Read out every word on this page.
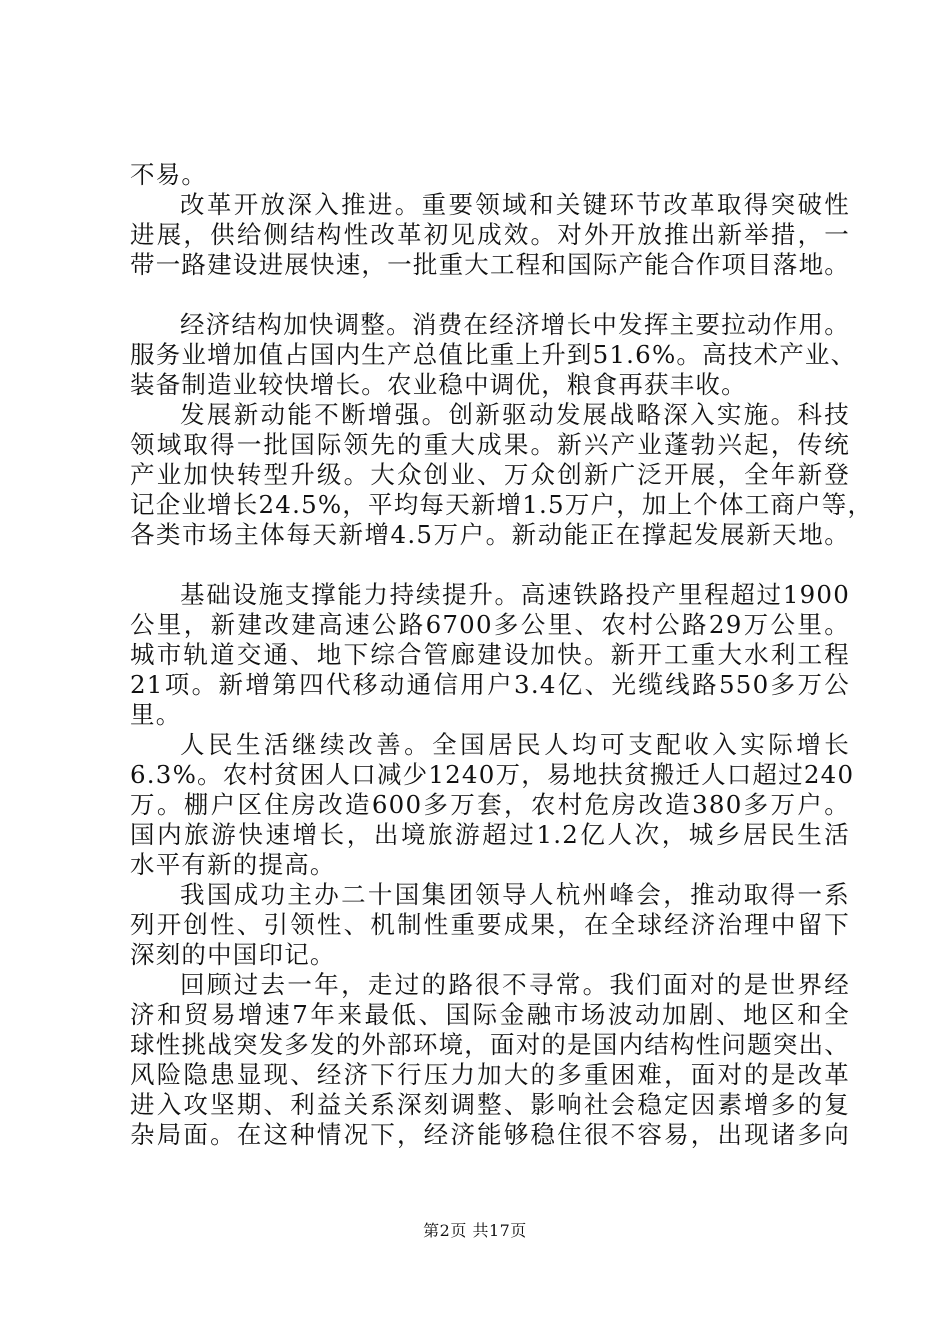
不易。
改革开放深入推进。重要领域和关键环节改革取得突破性
进展，供给侧结构性改革初见成效。对外开放推出新举措，一
带一路建设进展快速，一批重大工程和国际产能合作项目落地。
经济结构加快调整。消费在经济增长中发挥主要拉动作用。
服务业增加值占国内生产总值比重上升到51.6%。高技术产业、
装备制造业较快增长。农业稳中调优，粮食再获丰收。
发展新动能不断增强。创新驱动发展战略深入实施。科技
领域取得一批国际领先的重大成果。新兴产业蓬勃兴起，传统
产业加快转型升级。大众创业、万众创新广泛开展，全年新登
记企业增长24.5%，平均每天新增1.5万户，加上个体工商户等，
各类市场主体每天新增4.5万户。新动能正在撑起发展新天地。
基础设施支撑能力持续提升。高速铁路投产里程超过1900
公里，新建改建高速公路6700多公里、农村公路29万公里。
城市轨道交通、地下综合管廊建设加快。新开工重大水利工程
21项。新增第四代移动通信用户3.4亿、光缆线路550多万公
里。
人民生活继续改善。全国居民人均可支配收入实际增长
6.3%。农村贫困人口减少1240万，易地扶贫搬迁人口超过240
万。棚户区住房改造600多万套，农村危房改造380多万户。
国内旅游快速增长，出境旅游超过1.2亿人次，城乡居民生活
水平有新的提高。
我国成功主办二十国集团领导人杭州峰会，推动取得一系
列开创性、引领性、机制性重要成果，在全球经济治理中留下
深刻的中国印记。
回顾过去一年，走过的路很不寻常。我们面对的是世界经
济和贸易增速7年来最低、国际金融市场波动加剧、地区和全
球性挑战突发多发的外部环境，面对的是国内结构性问题突出、
风险隐患显现、经济下行压力加大的多重困难，面对的是改革
进入攻坚期、利益关系深刻调整、影响社会稳定因素增多的复
杂局面。在这种情况下，经济能够稳住很不容易，出现诸多向
第2页 共17页
